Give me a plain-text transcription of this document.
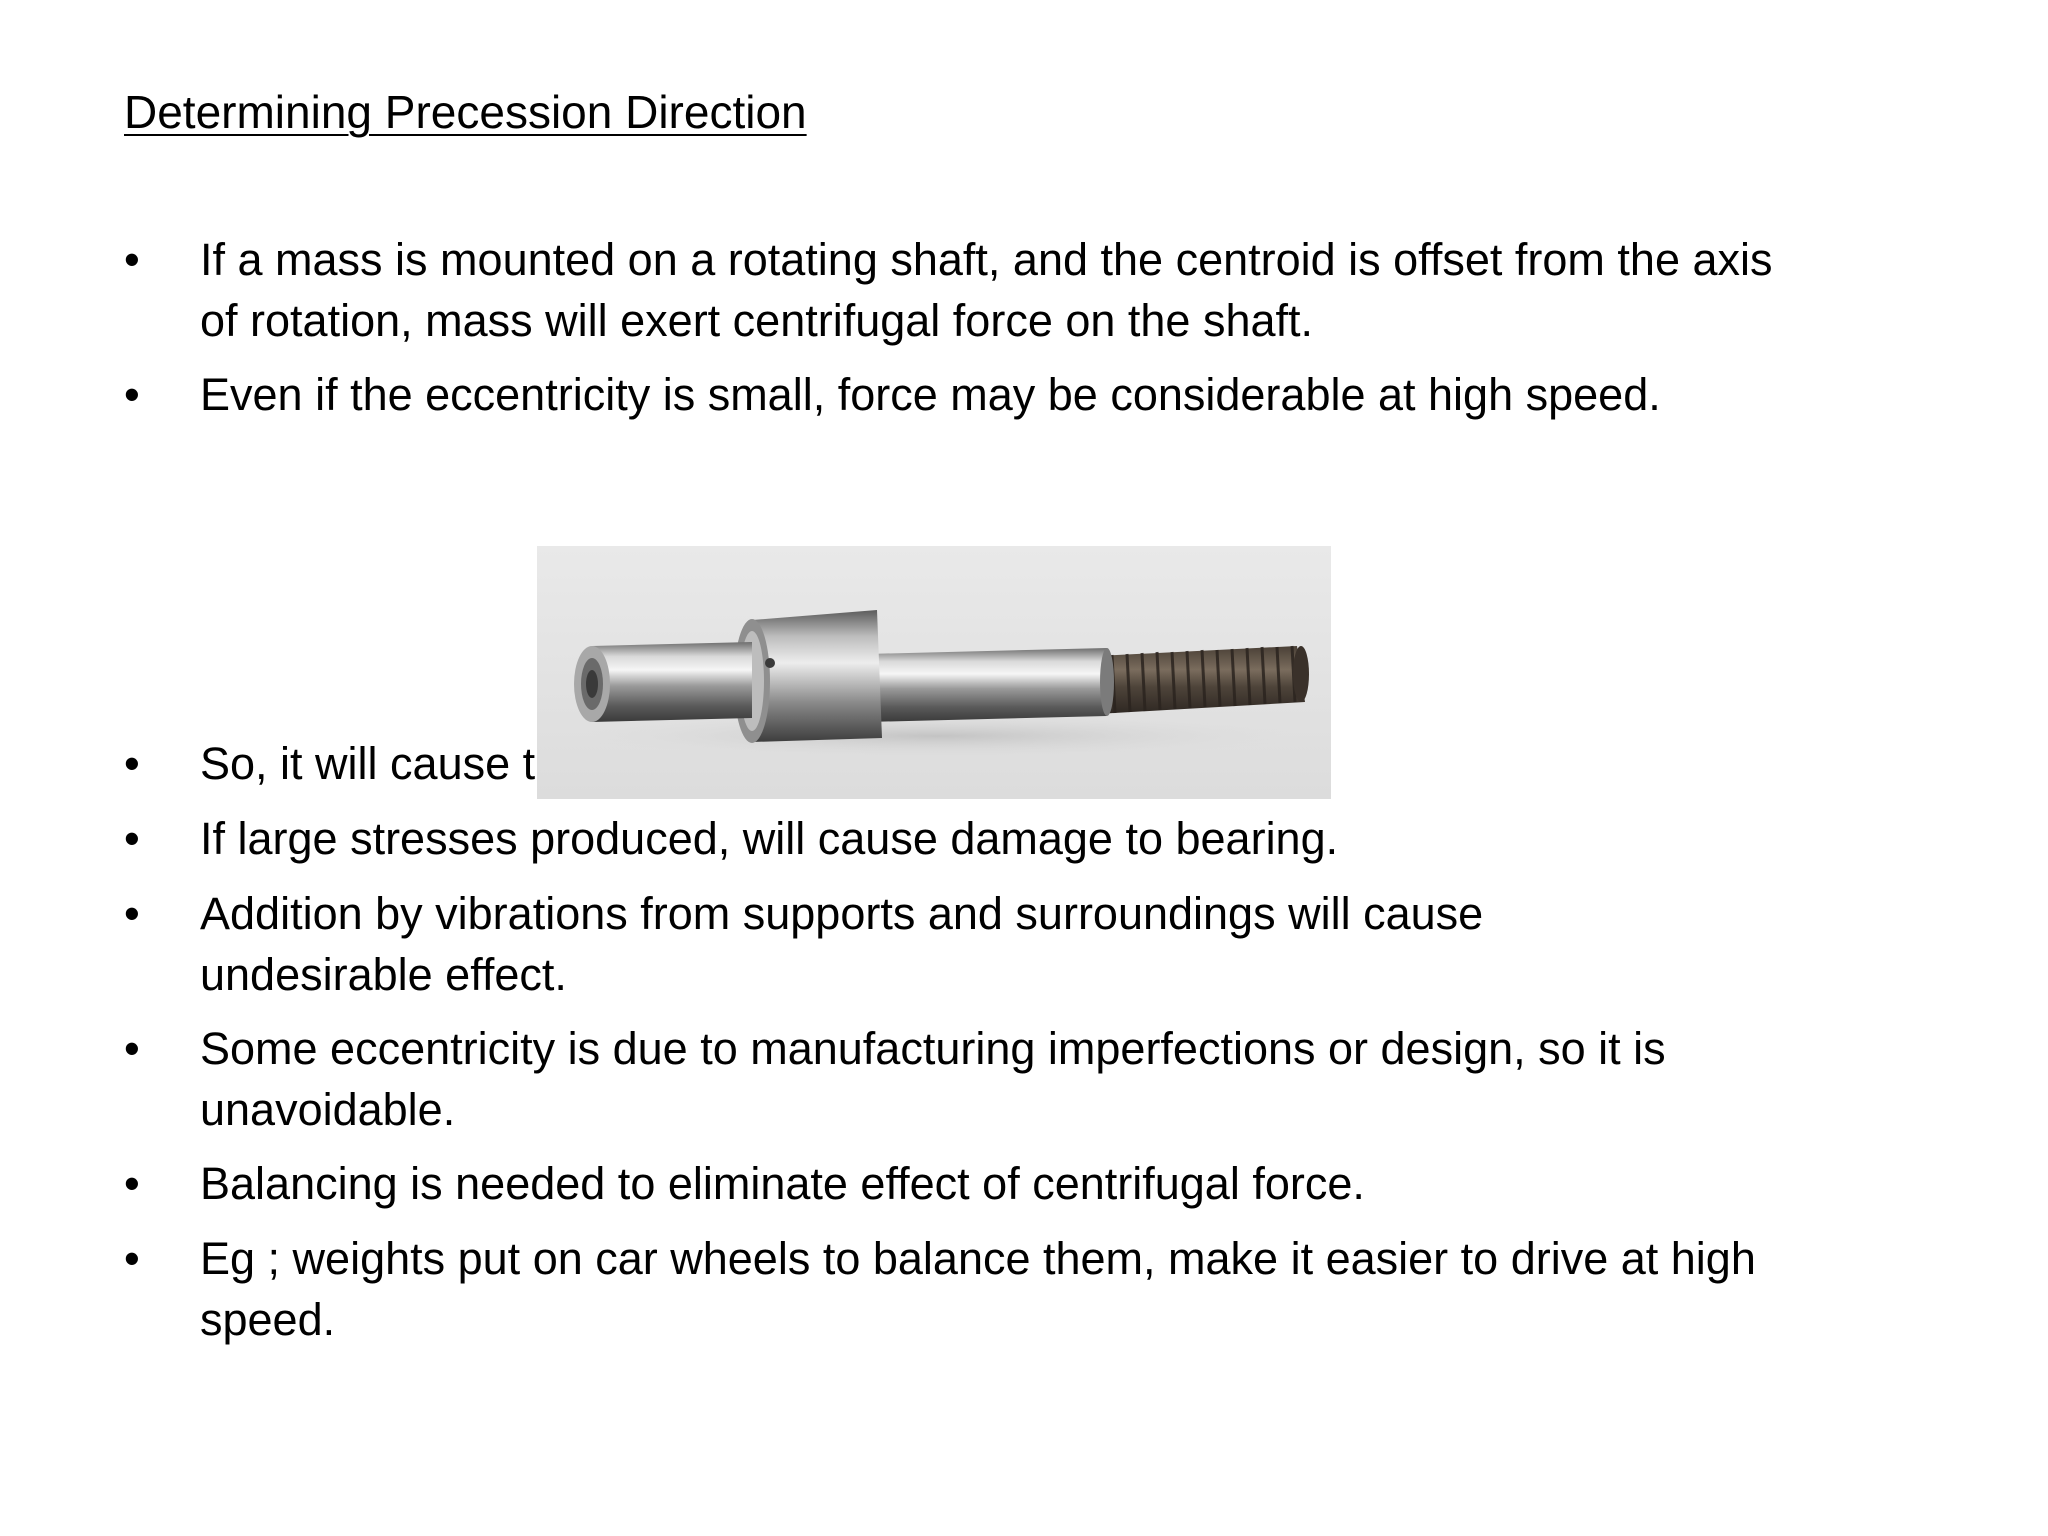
Determining Precession Direction
•	If a mass is mounted on a rotating shaft, and the centroid is offset from the axis of rotation, mass will exert centrifugal force on the shaft.
•	Even if the eccentricity is small, force may be considerable at high speed.
•	So, it will cause t
•	If large stresses produced, will cause damage to bearing.
•	Addition by vibrations from supports and surroundings will cause undesirable effect.
•	Some eccentricity is due to manufacturing imperfections or design, so it is unavoidable.
•	Balancing is needed to eliminate effect of centrifugal force.
•	Eg ; weights put on car wheels to balance them, make it easier to drive at high speed.
